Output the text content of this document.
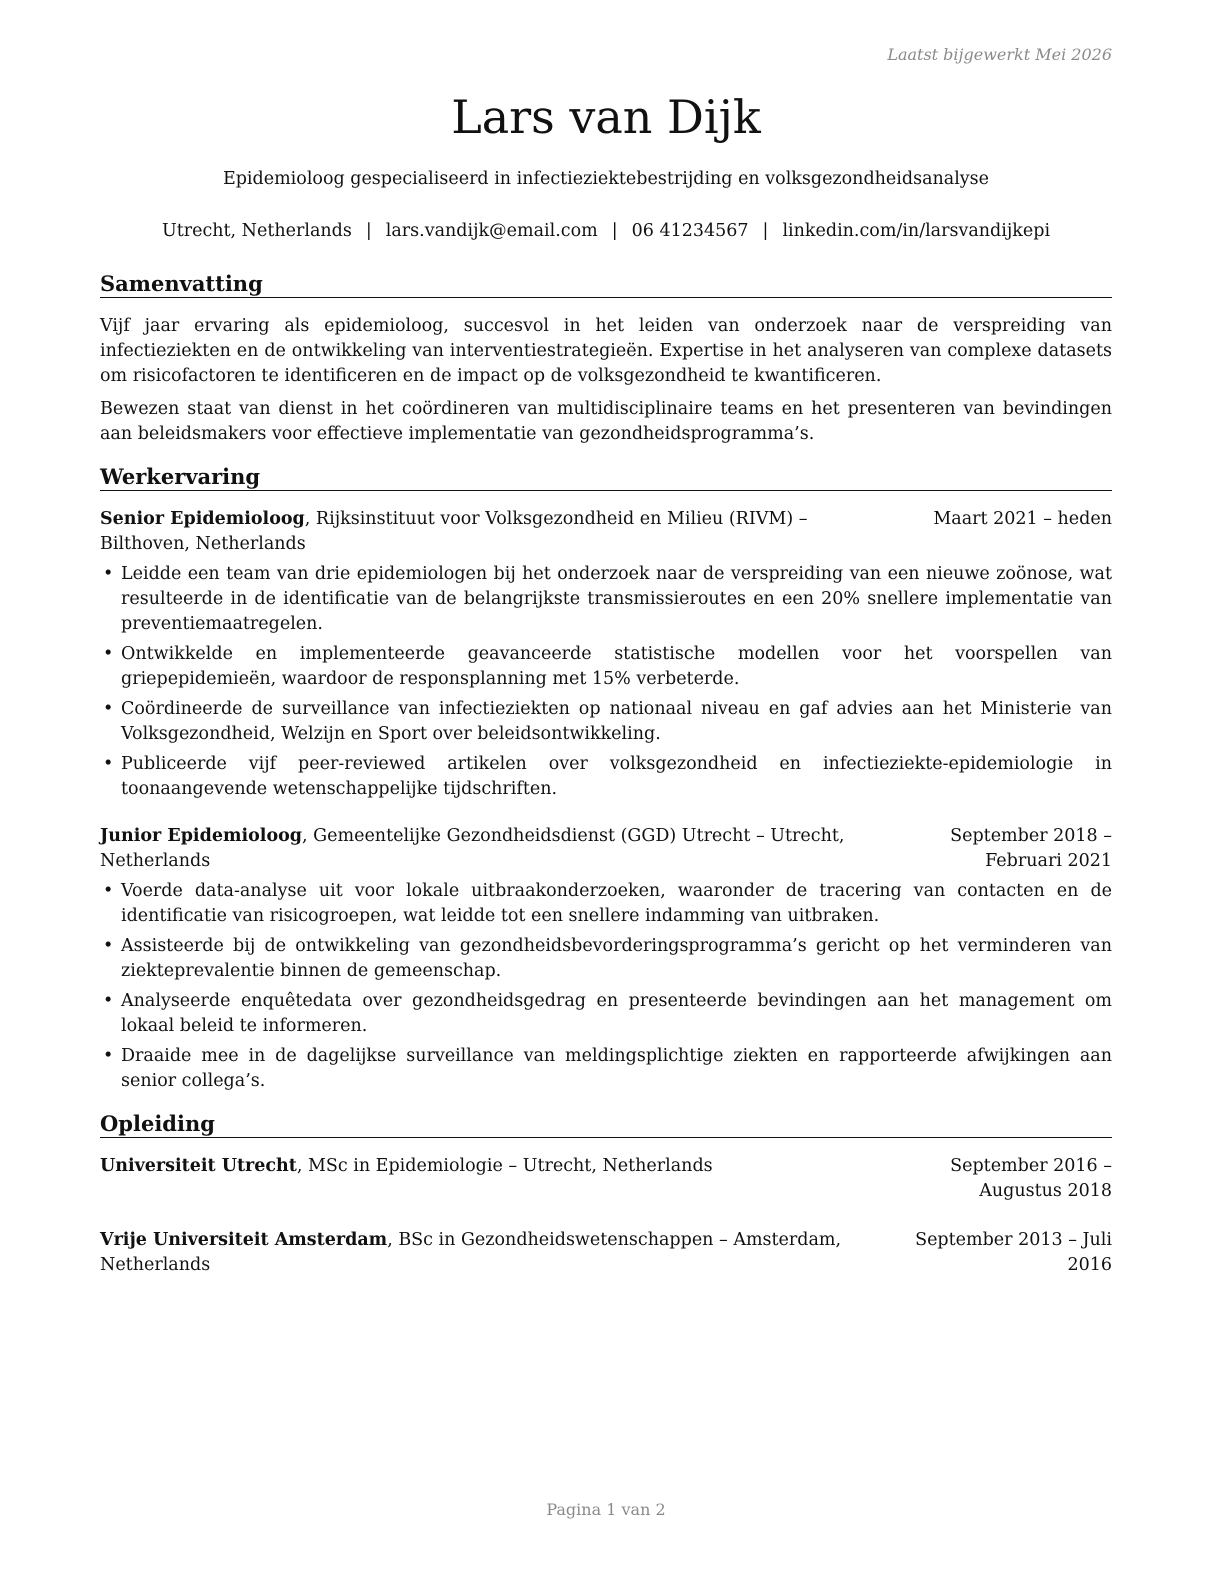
Laatst bijgewerkt Mei 2026
Lars van Dijk
Epidemioloog gespecialiseerd in infectieziektebestrijding en volksgezondheidsanalyse
Utrecht, Netherlands | lars.vandijk@email.com | 06 41234567 | linkedin.com/in/larsvandijkepi
Samenvatting

Vijf jaar ervaring als epidemioloog, succesvol in het leiden van onderzoek naar de verspreiding van infectieziekten en de ontwikkeling van interventiestrategieën. Expertise in het analyseren van complexe datasets om risicofactoren te identificeren en de impact op de volksgezondheid te kwantificeren.

Bewezen staat van dienst in het coördineren van multidisciplinaire teams en het presenteren van bevindingen aan beleidsmakers voor effectieve implementatie van gezondheidsprogramma’s.

Werkervaring
Senior Epidemioloog, Rijksinstituut voor Volksgezondheid en Milieu (RIVM) – Bilthoven, Netherlands
Maart 2021 – heden
• Leidde een team van drie epidemiologen bij het onderzoek naar de verspreiding van een nieuwe zoönose, wat resulteerde in de identificatie van de belangrijkste transmissieroutes en een 20% snellere implementatie van preventiemaatregelen.
• Ontwikkelde en implementeerde geavanceerde statistische modellen voor het voorspellen van griepepidemieën, waardoor de responsplanning met 15% verbeterde.
• Coördineerde de surveillance van infectieziekten op nationaal niveau en gaf advies aan het Ministerie van Volksgezondheid, Welzijn en Sport over beleidsontwikkeling.
• Publiceerde vijf peer-reviewed artikelen over volksgezondheid en infectieziekte-epidemiologie in toonaangevende wetenschappelijke tijdschriften.
Junior Epidemioloog, Gemeentelijke Gezondheidsdienst (GGD) Utrecht – Utrecht, Netherlands
September 2018 – Februari 2021
• Voerde data-analyse uit voor lokale uitbraakonderzoeken, waaronder de tracering van contacten en de identificatie van risicogroepen, wat leidde tot een snellere indamming van uitbraken.
• Assisteerde bij de ontwikkeling van gezondheidsbevorderingsprogramma’s gericht op het verminderen van ziekteprevalentie binnen de gemeenschap.
• Analyseerde enquêtedata over gezondheidsgedrag en presenteerde bevindingen aan het management om lokaal beleid te informeren.
• Draaide mee in de dagelijkse surveillance van meldingsplichtige ziekten en rapporteerde afwijkingen aan senior collega’s.
Opleiding
Universiteit Utrecht, MSc in Epidemiologie – Utrecht, Netherlands	September 2016 – Augustus 2018
Vrije Universiteit Amsterdam, BSc in Gezondheidswetenschappen – Amsterdam, Netherlands
September 2013 – Juli 2016
Pagina 1 van 2
